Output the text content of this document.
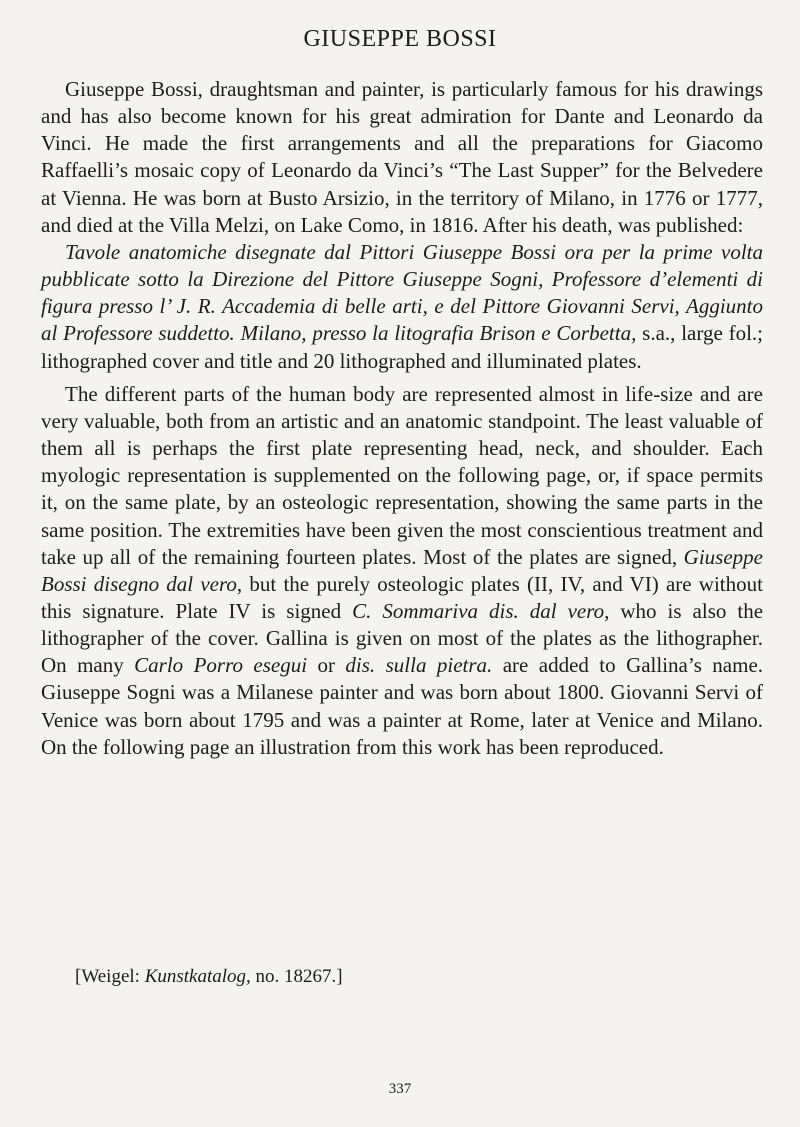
GIUSEPPE BOSSI

Giuseppe Bossi, draughtsman and painter, is particularly famous for his drawings and has also become known for his great admiration for Dante and Leonardo da Vinci. He made the first arrangements and all the preparations for Giacomo Raffaelli’s mosaic copy of Leonardo da Vinci’s “The Last Supper” for the Belvedere at Vienna. He was born at Busto Arsizio, in the territory of Milano, in 1776 or 1777, and died at the Villa Melzi, on Lake Como, in 1816. After his death, was published:

Tavole anatomiche disegnate dal Pittori Giuseppe Bossi ora per la prime volta pubblicate sotto la Direzione del Pittore Giuseppe Sogni, Professore d’elementi di figura presso l’ J. R. Accademia di belle arti, e del Pittore Giovanni Servi, Aggiunto al Professore suddetto. Milano, presso la litografia Brison e Corbetta, s.a., large fol.; lithographed cover and title and 20 lithographed and illuminated plates.

The different parts of the human body are represented almost in life-size and are very valuable, both from an artistic and an anatomic standpoint. The least valuable of them all is perhaps the first plate representing head, neck, and shoulder. Each myologic representation is supplemented on the following page, or, if space permits it, on the same plate, by an osteologic representation, showing the same parts in the same position. The extremities have been given the most conscientious treatment and take up all of the remaining fourteen plates. Most of the plates are signed, Giuseppe Bossi disegno dal vero, but the purely osteologic plates (II, IV, and VI) are without this signature. Plate IV is signed C. Sommariva dis. dal vero, who is also the lithographer of the cover. Gallina is given on most of the plates as the lithographer. On many Carlo Porro esegui or dis. sulla pietra. are added to Gallina’s name. Giuseppe Sogni was a Milanese painter and was born about 1800. Giovanni Servi of Venice was born about 1795 and was a painter at Rome, later at Venice and Milano. On the following page an illustration from this work has been reproduced.

[Weigel: Kunstkatalog, no. 18267.]
337
